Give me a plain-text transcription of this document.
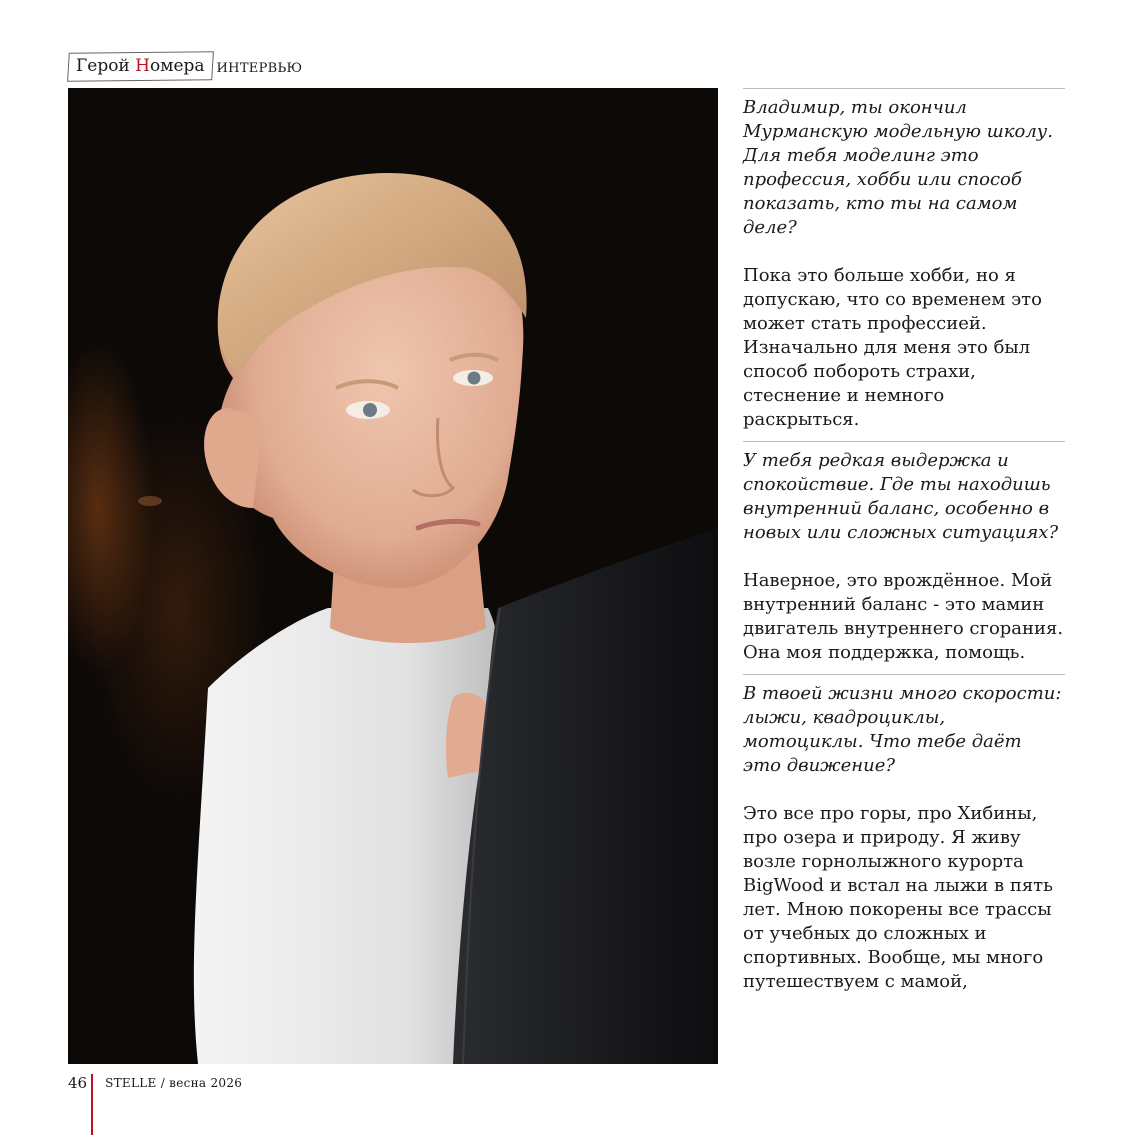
Герой Номера ИНТЕРВЬЮ

Владимир, ты окончил Мурманскую модельную школу. Для тебя моделинг это профессия, хобби или способ показать, кто ты на самом деле?

Пока это больше хобби, но я допускаю, что со временем это может стать профессией. Изначально для меня это был способ побороть страхи, стеснение и немного раскрыться.

У тебя редкая выдержка и спокойствие. Где ты находишь внутренний баланс, особенно в новых или сложных ситуациях?

Наверное, это врождённое. Мой внутренний баланс - это мамин двигатель внутреннего сгорания. Она моя поддержка, помощь.

В твоей жизни много скорости: лыжи, квадроциклы, мотоциклы. Что тебе даёт это движение?

Это все про горы, про Хибины, про озера и природу. Я живу возле горнолыжного курорта BigWood и встал на лыжи в пять лет. Мною покорены все трассы от учебных до сложных и спортивных. Вообще, мы много путешествуем с мамой,

46 STELLE / весна 2026
